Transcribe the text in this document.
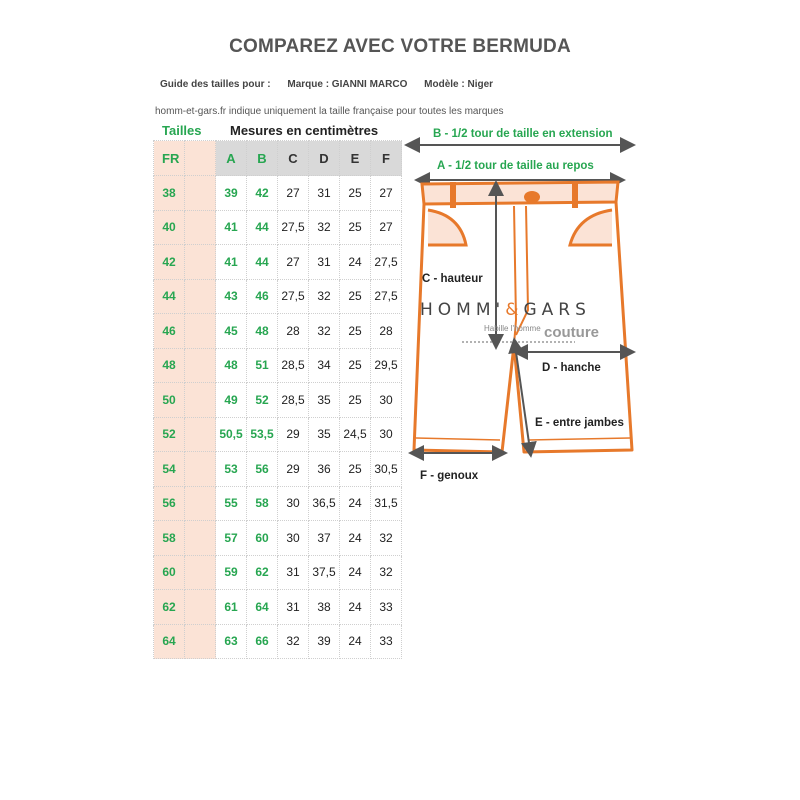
COMPAREZ AVEC VOTRE BERMUDA
Guide des tailles pour : Marque : GIANNI MARCO Modèle : Niger
homm-et-gars.fr indique uniquement la taille française pour toutes les marques
Tailles Mesures en centimètres
FR		A	B	C	D	E	F
38		39	42	27	31	25	27
40		41	44	27,5	32	25	27
42		41	44	27	31	24	27,5
44		43	46	27,5	32	25	27,5
46		45	48	28	32	25	28
48		48	51	28,5	34	25	29,5
50		49	52	28,5	35	25	30
52		50,5	53,5	29	35	24,5	30
54		53	56	29	36	25	30,5
56		55	58	30	36,5	24	31,5
58		57	60	30	37	24	32
60		59	62	31	37,5	24	32
62		61	64	31	38	24	33
64		63	66	32	39	24	33
B - 1/2 tour de taille en extension
A - 1/2 tour de taille au repos
C - hauteur
D - hanche
E - entre jambes
F - genoux
HOMM'&GARS
Habille l'homme couture
